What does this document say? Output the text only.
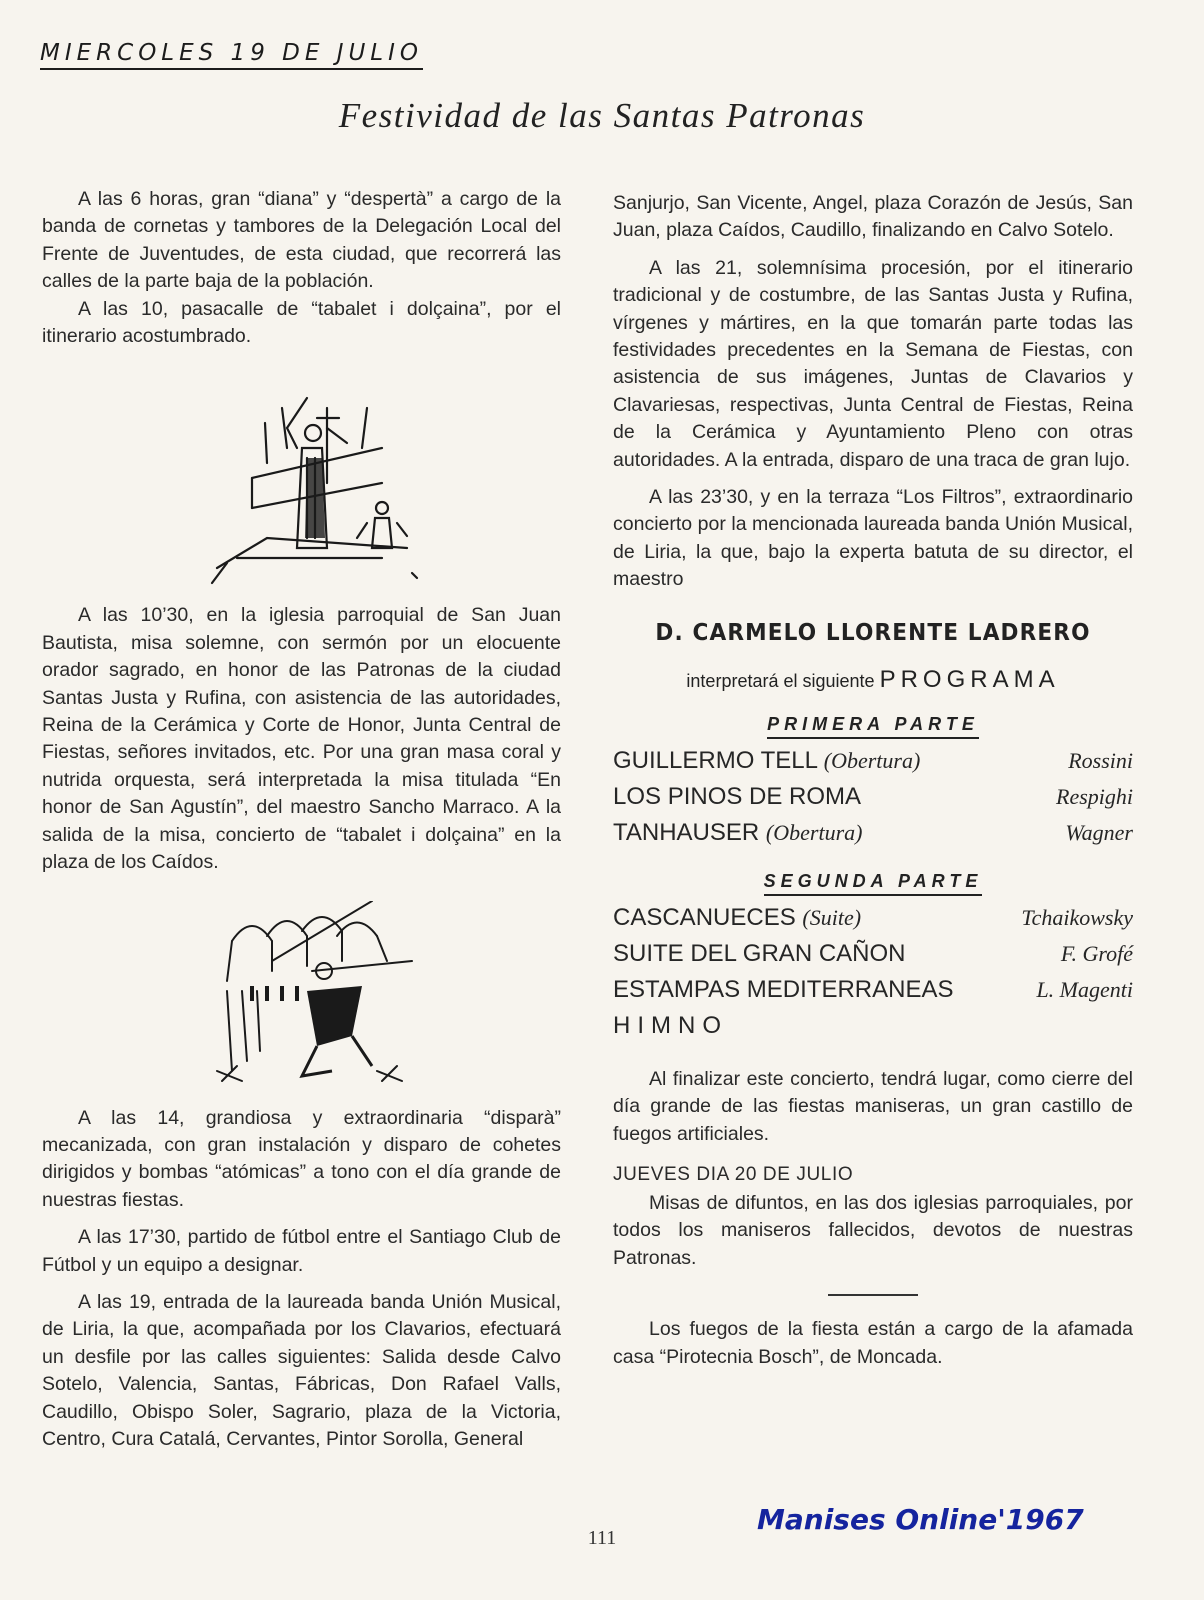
MIERCOLES 19 DE JULIO
Festividad de las Santas Patronas

A las 6 horas, gran “diana” y “despertà” a cargo de la banda de cornetas y tambores de la Delegación Local del Frente de Juventudes, de esta ciudad, que recorrerá las calles de la parte baja de la población.

A las 10, pasacalle de “tabalet i dolçaina”, por el itinerario acostumbrado.

A las 10’30, en la iglesia parroquial de San Juan Bautista, misa solemne, con sermón por un elocuente orador sagrado, en honor de las Patronas de la ciudad Santas Justa y Rufina, con asistencia de las autoridades, Reina de la Cerámica y Corte de Honor, Junta Central de Fiestas, señores invitados, etc. Por una gran masa coral y nutrida orquesta, será interpretada la misa titulada “En honor de San Agustín”, del maestro Sancho Marraco. A la salida de la misa, concierto de “tabalet i dolçaina” en la plaza de los Caídos.

A las 14, grandiosa y extraordinaria “disparà” mecanizada, con gran instalación y disparo de cohetes dirigidos y bombas “atómicas” a tono con el día grande de nuestras fiestas.

A las 17’30, partido de fútbol entre el Santiago Club de Fútbol y un equipo a designar.

A las 19, entrada de la laureada banda Unión Musical, de Liria, la que, acompañada por los Clavarios, efectuará un desfile por las calles siguientes: Salida desde Calvo Sotelo, Valencia, Santas, Fábricas, Don Rafael Valls, Caudillo, Obispo Soler, Sagrario, plaza de la Victoria, Centro, Cura Catalá, Cervantes, Pintor Sorolla, General

Sanjurjo, San Vicente, Angel, plaza Corazón de Jesús, San Juan, plaza Caídos, Caudillo, finalizando en Calvo Sotelo.

A las 21, solemnísima procesión, por el itinerario tradicional y de costumbre, de las Santas Justa y Rufina, vírgenes y mártires, en la que tomarán parte todas las festividades precedentes en la Semana de Fiestas, con asistencia de sus imágenes, Juntas de Clavarios y Clavariesas, respectivas, Junta Central de Fiestas, Reina de la Cerámica y Ayuntamiento Pleno con otras autoridades. A la entrada, disparo de una traca de gran lujo.

A las 23’30, y en la terraza “Los Filtros”, extraordinario concierto por la mencionada laureada banda Unión Musical, de Liria, la que, bajo la experta batuta de su director, el maestro

D. CARMELO LLORENTE LADRERO
interpretará el siguiente PROGRAMA
PRIMERA PARTE
GUILLERMO TELL (Obertura)	Rossini
LOS PINOS DE ROMA	Respighi
TANHAUSER (Obertura)	Wagner
SEGUNDA PARTE
CASCANUECES (Suite)	Tchaikowsky
SUITE DEL GRAN CAÑON	F. Grofé
ESTAMPAS MEDITERRANEAS	L. Magenti
HIMNO

Al finalizar este concierto, tendrá lugar, como cierre del día grande de las fiestas maniseras, un gran castillo de fuegos artificiales.

JUEVES DIA 20 DE JULIO

Misas de difuntos, en las dos iglesias parroquiales, por todos los maniseros fallecidos, devotos de nuestras Patronas.

Los fuegos de la fiesta están a cargo de la afamada casa “Pirotecnia Bosch”, de Moncada.

111
Manises Online'1967
